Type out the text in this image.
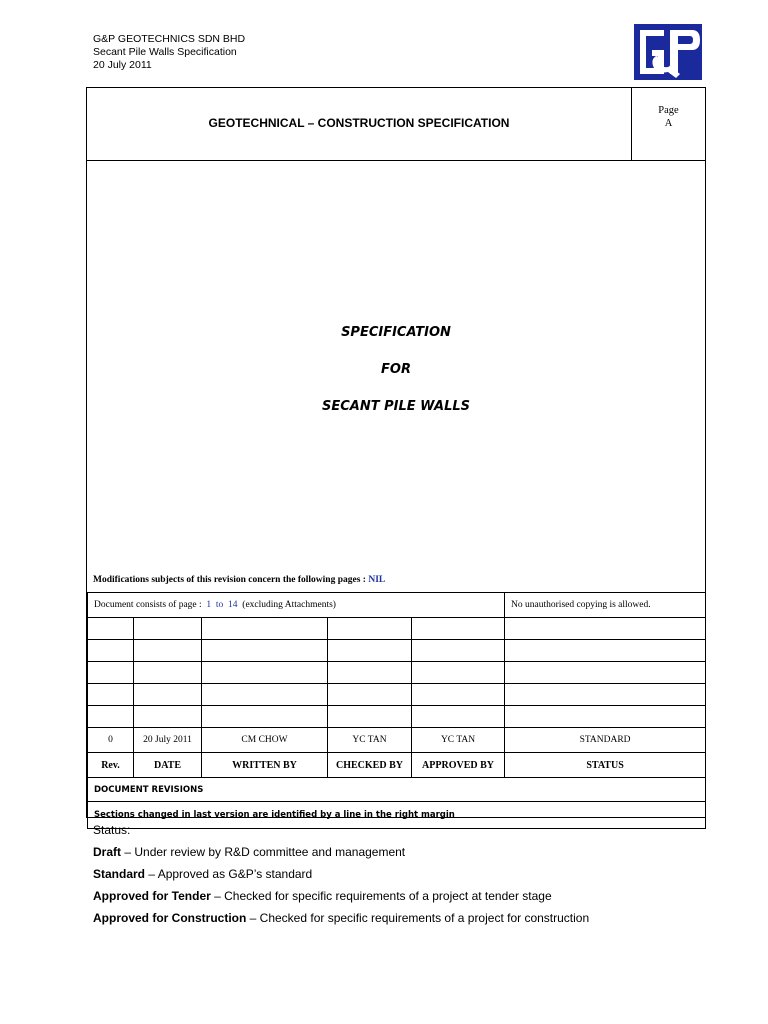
G&P GEOTECHNICS SDN BHD
Secant Pile Walls Specification
20 July 2011
GEOTECHNICAL – CONSTRUCTION SPECIFICATION
Page
A
SPECIFICATION
FOR
SECANT PILE WALLS
Modifications subjects of this revision concern the following pages : NIL
Document consists of page : 1 to 14 (excluding Attachments)					No unauthorised copying is allowed.

0	20 July 2011	CM CHOW	YC TAN	YC TAN	STANDARD
Rev.	DATE	WRITTEN BY	CHECKED BY	APPROVED BY	STATUS
DOCUMENT REVISIONS					
Sections changed in last version are identified by a line in the right margin					
Status:
Draft – Under review by R&D committee and management
Standard – Approved as G&P’s standard
Approved for Tender – Checked for specific requirements of a project at tender stage
Approved for Construction – Checked for specific requirements of a project for construction
